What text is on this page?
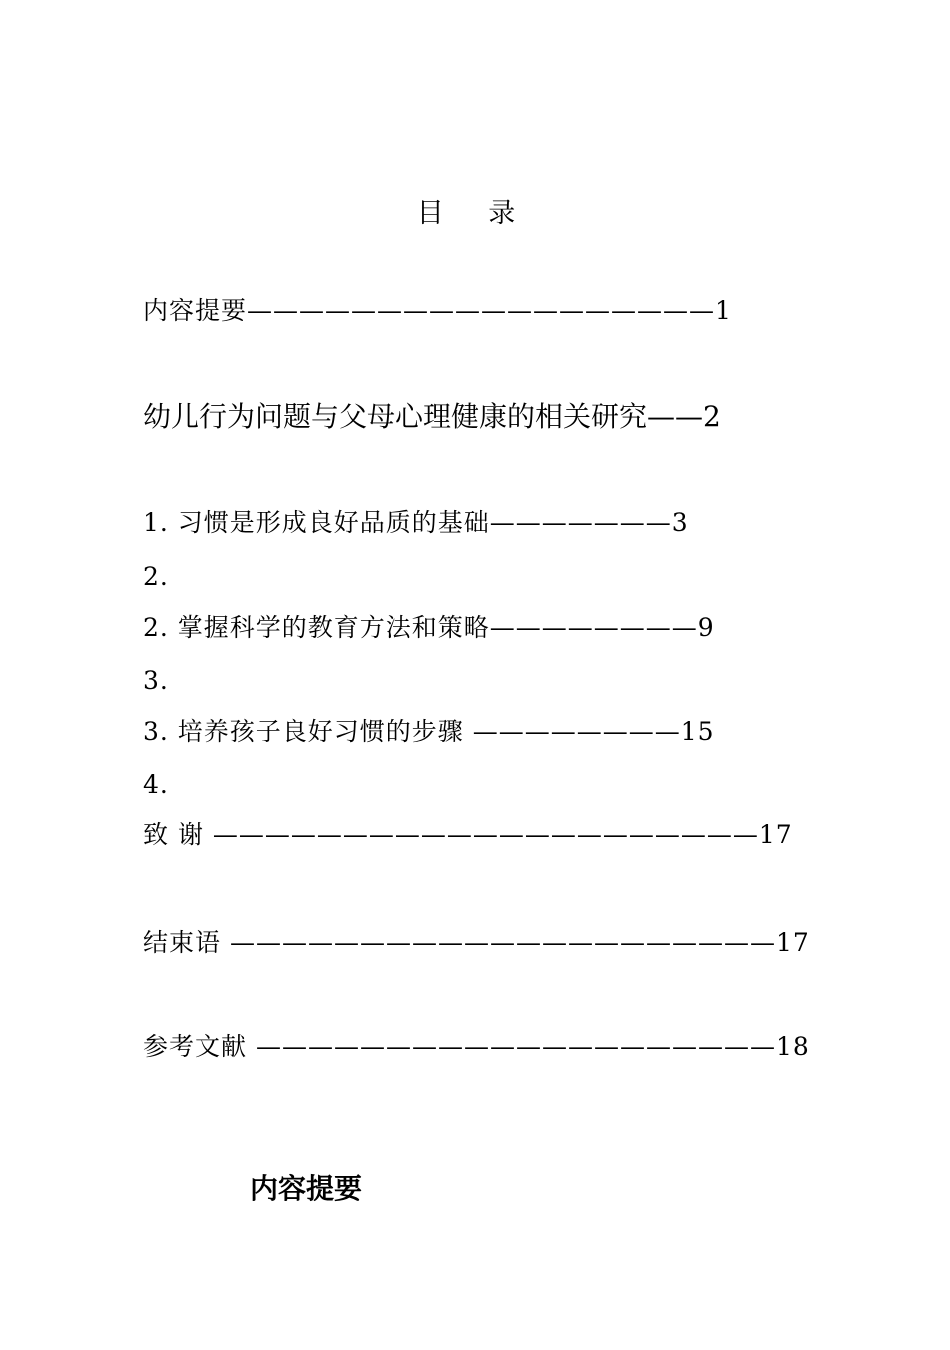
目 录
内容提要——————————————————1
幼儿行为问题与父母心理健康的相关研究——2
1. 习惯是形成良好品质的基础———————3
2.
2. 掌握科学的教育方法和策略————————9
3.
3. 培养孩子良好习惯的步骤 ————————15
4.
致 谢 —————————————————————17
结束语 —————————————————————17
参考文献 ————————————————————18
内容提要
